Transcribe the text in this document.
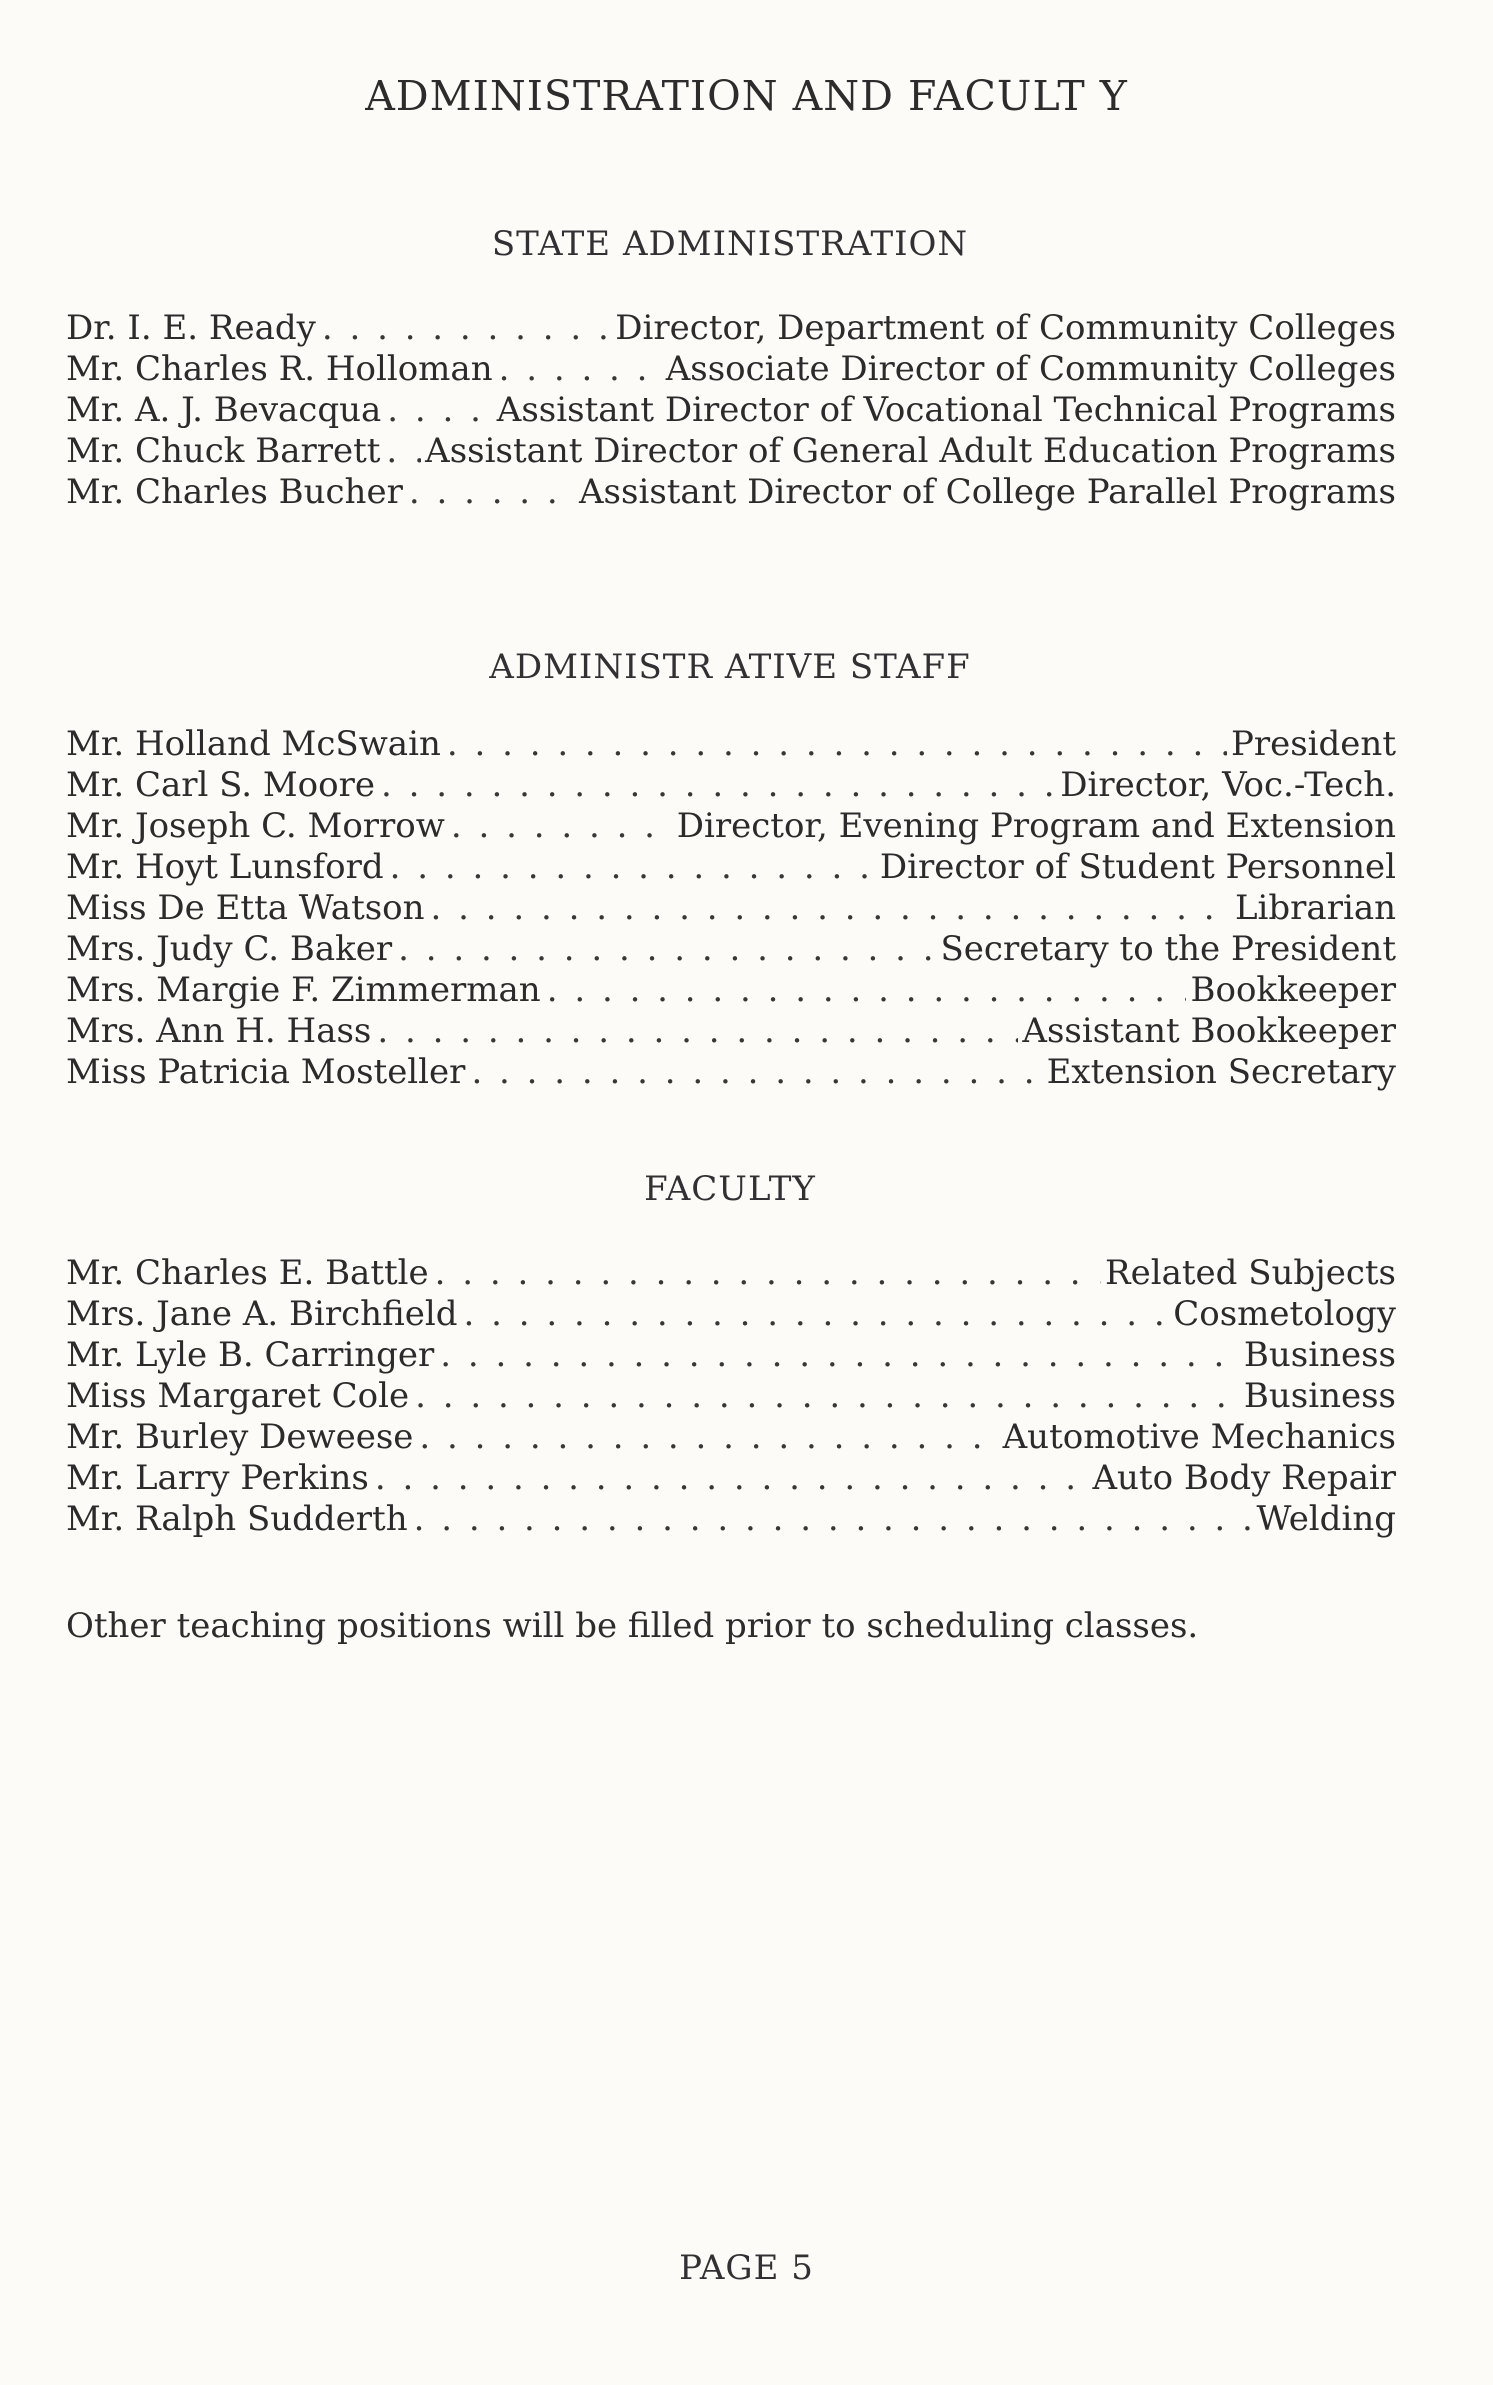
ADMINISTRATION AND FACULT Y
STATE ADMINISTRATION
Dr. I. E. Ready . . .	Director, Department of Community Colleges
Mr. Charles R. Holloman . . .	Associate Director of Community Colleges
Mr. A. J. Bevacqua . . .	Assistant Director of Vocational Technical Programs
Mr. Chuck Barrett . . . Assistant Director of General Adult Education Programs
Mr. Charles Bucher . . .	Assistant Director of College Parallel Programs
ADMINISTR ATIVE STAFF
Mr. Holland McSwain . . .	President
Mr. Carl S. Moore . . .	Director, Voc.-Tech.
Mr. Joseph C. Morrow . . .	Director, Evening Program and Extension
Mr. Hoyt Lunsford . . .	Director of Student Personnel
Miss De Etta Watson . . .	Librarian
Mrs. Judy C. Baker . . .	Secretary to the President
Mrs. Margie F. Zimmerman . . .	Bookkeeper
Mrs. Ann H. Hass . . .	Assistant Bookkeeper
Miss Patricia Mosteller . . .	Extension Secretary
FACULTY
Mr. Charles E. Battle . . .	Related Subjects
Mrs. Jane A. Birchfield . . .	Cosmetology
Mr. Lyle B. Carringer . . .	Business
Miss Margaret Cole . . .	Business
Mr. Burley Deweese . . .	Automotive Mechanics
Mr. Larry Perkins . . .	Auto Body Repair
Mr. Ralph Sudderth . . .	Welding
Other teaching positions will be filled prior to scheduling classes.
PAGE 5
